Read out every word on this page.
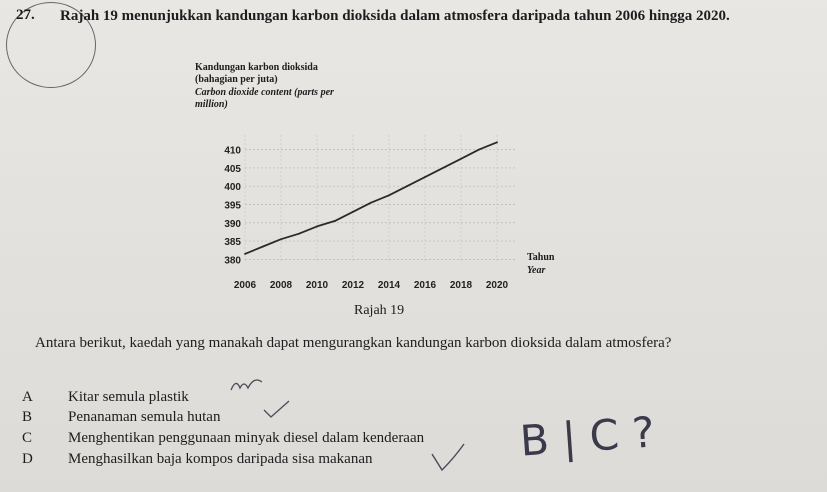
27. Rajah 19 menunjukkan kandungan karbon dioksida dalam atmosfera daripada tahun 2006 hingga 2020.
Kandungan karbon dioksida
(bahagian per juta)
Carbon dioxide content (parts per
million)
380
385
390
395
400
405
410
2006 2008 2010 2012 2014 2016 2018 2020
Tahun
Year
Rajah 19
Antara berikut, kaedah yang manakah dapat mengurangkan kandungan karbon dioksida dalam atmosfera?
A Kitar semula plastik
B Penanaman semula hutan
C Menghentikan penggunaan minyak diesel dalam kenderaan
D Menghasilkan baja kompos daripada sisa makanan	B | C ?
